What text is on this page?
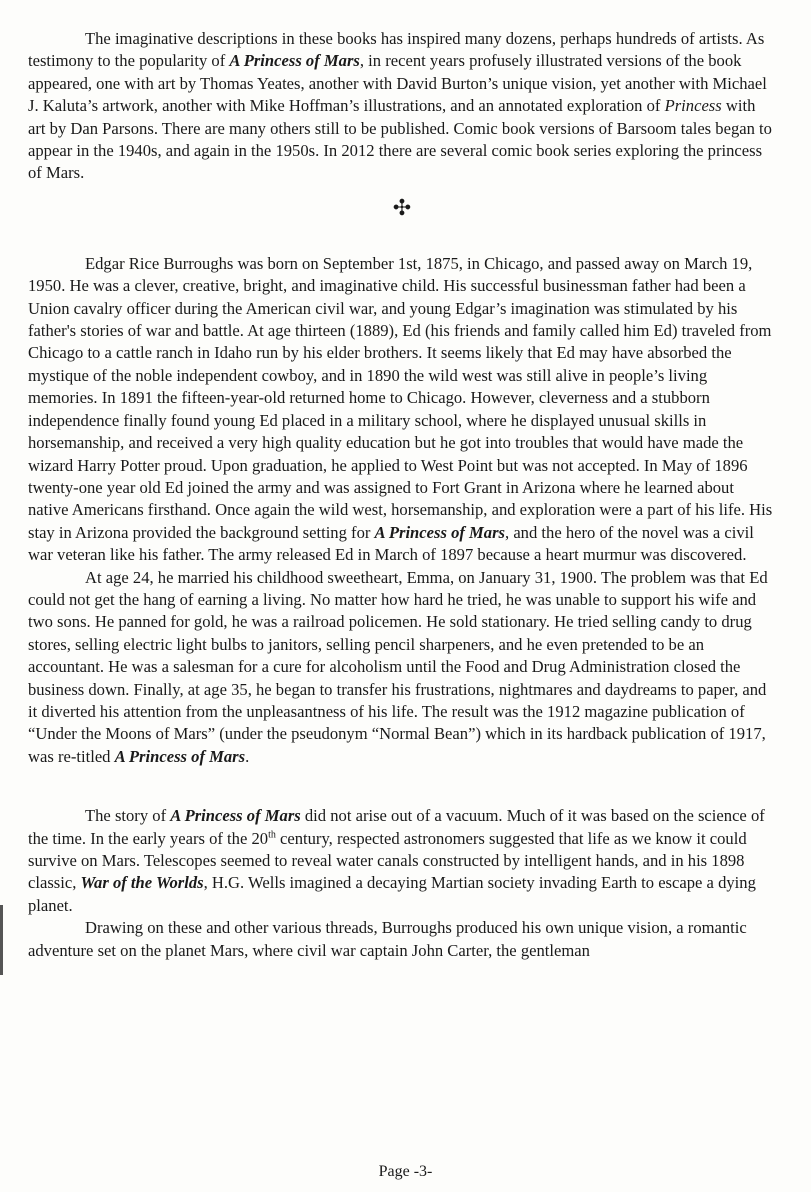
The imaginative descriptions in these books has inspired many dozens, perhaps hundreds of artists. As testimony to the popularity of A Princess of Mars, in recent years profusely illustrated versions of the book appeared, one with art by Thomas Yeates, another with David Burton’s unique vision, yet another with Michael J. Kaluta’s artwork, another with Mike Hoffman’s illustrations, and an annotated exploration of Princess with art by Dan Parsons. There are many others still to be published. Comic book versions of Barsoom tales began to appear in the 1940s, and again in the 1950s. In 2012 there are several comic book series exploring the princess of Mars.

✣

Edgar Rice Burroughs was born on September 1st, 1875, in Chicago, and passed away on March 19, 1950. He was a clever, creative, bright, and imaginative child. His successful businessman father had been a Union cavalry officer during the American civil war, and young Edgar’s imagination was stimulated by his father's stories of war and battle. At age thirteen (1889), Ed (his friends and family called him Ed) traveled from Chicago to a cattle ranch in Idaho run by his elder brothers. It seems likely that Ed may have absorbed the mystique of the noble independent cowboy, and in 1890 the wild west was still alive in people’s living memories. In 1891 the fifteen-year-old returned home to Chicago. However, cleverness and a stubborn independence finally found young Ed placed in a military school, where he displayed unusual skills in horsemanship, and received a very high quality education but he got into troubles that would have made the wizard Harry Potter proud. Upon graduation, he applied to West Point but was not accepted. In May of 1896 twenty-one year old Ed joined the army and was assigned to Fort Grant in Arizona where he learned about native Americans firsthand. Once again the wild west, horsemanship, and exploration were a part of his life. His stay in Arizona provided the background setting for A Princess of Mars, and the hero of the novel was a civil war veteran like his father. The army released Ed in March of 1897 because a heart murmur was discovered.

At age 24, he married his childhood sweetheart, Emma, on January 31, 1900. The problem was that Ed could not get the hang of earning a living. No matter how hard he tried, he was unable to support his wife and two sons. He panned for gold, he was a railroad policemen. He sold stationary. He tried selling candy to drug stores, selling electric light bulbs to janitors, selling pencil sharpeners, and he even pretended to be an accountant. He was a salesman for a cure for alcoholism until the Food and Drug Administration closed the business down. Finally, at age 35, he began to transfer his frustrations, nightmares and daydreams to paper, and it diverted his attention from the unpleasantness of his life. The result was the 1912 magazine publication of “Under the Moons of Mars” (under the pseudonym “Normal Bean”) which in its hardback publication of 1917, was re-titled A Princess of Mars.

The story of A Princess of Mars did not arise out of a vacuum. Much of it was based on the science of the time. In the early years of the 20th century, respected astronomers suggested that life as we know it could survive on Mars. Telescopes seemed to reveal water canals constructed by intelligent hands, and in his 1898 classic, War of the Worlds, H.G. Wells imagined a decaying Martian society invading Earth to escape a dying planet.

Drawing on these and other various threads, Burroughs produced his own unique vision, a romantic adventure set on the planet Mars, where civil war captain John Carter, the gentleman

Page -3-
